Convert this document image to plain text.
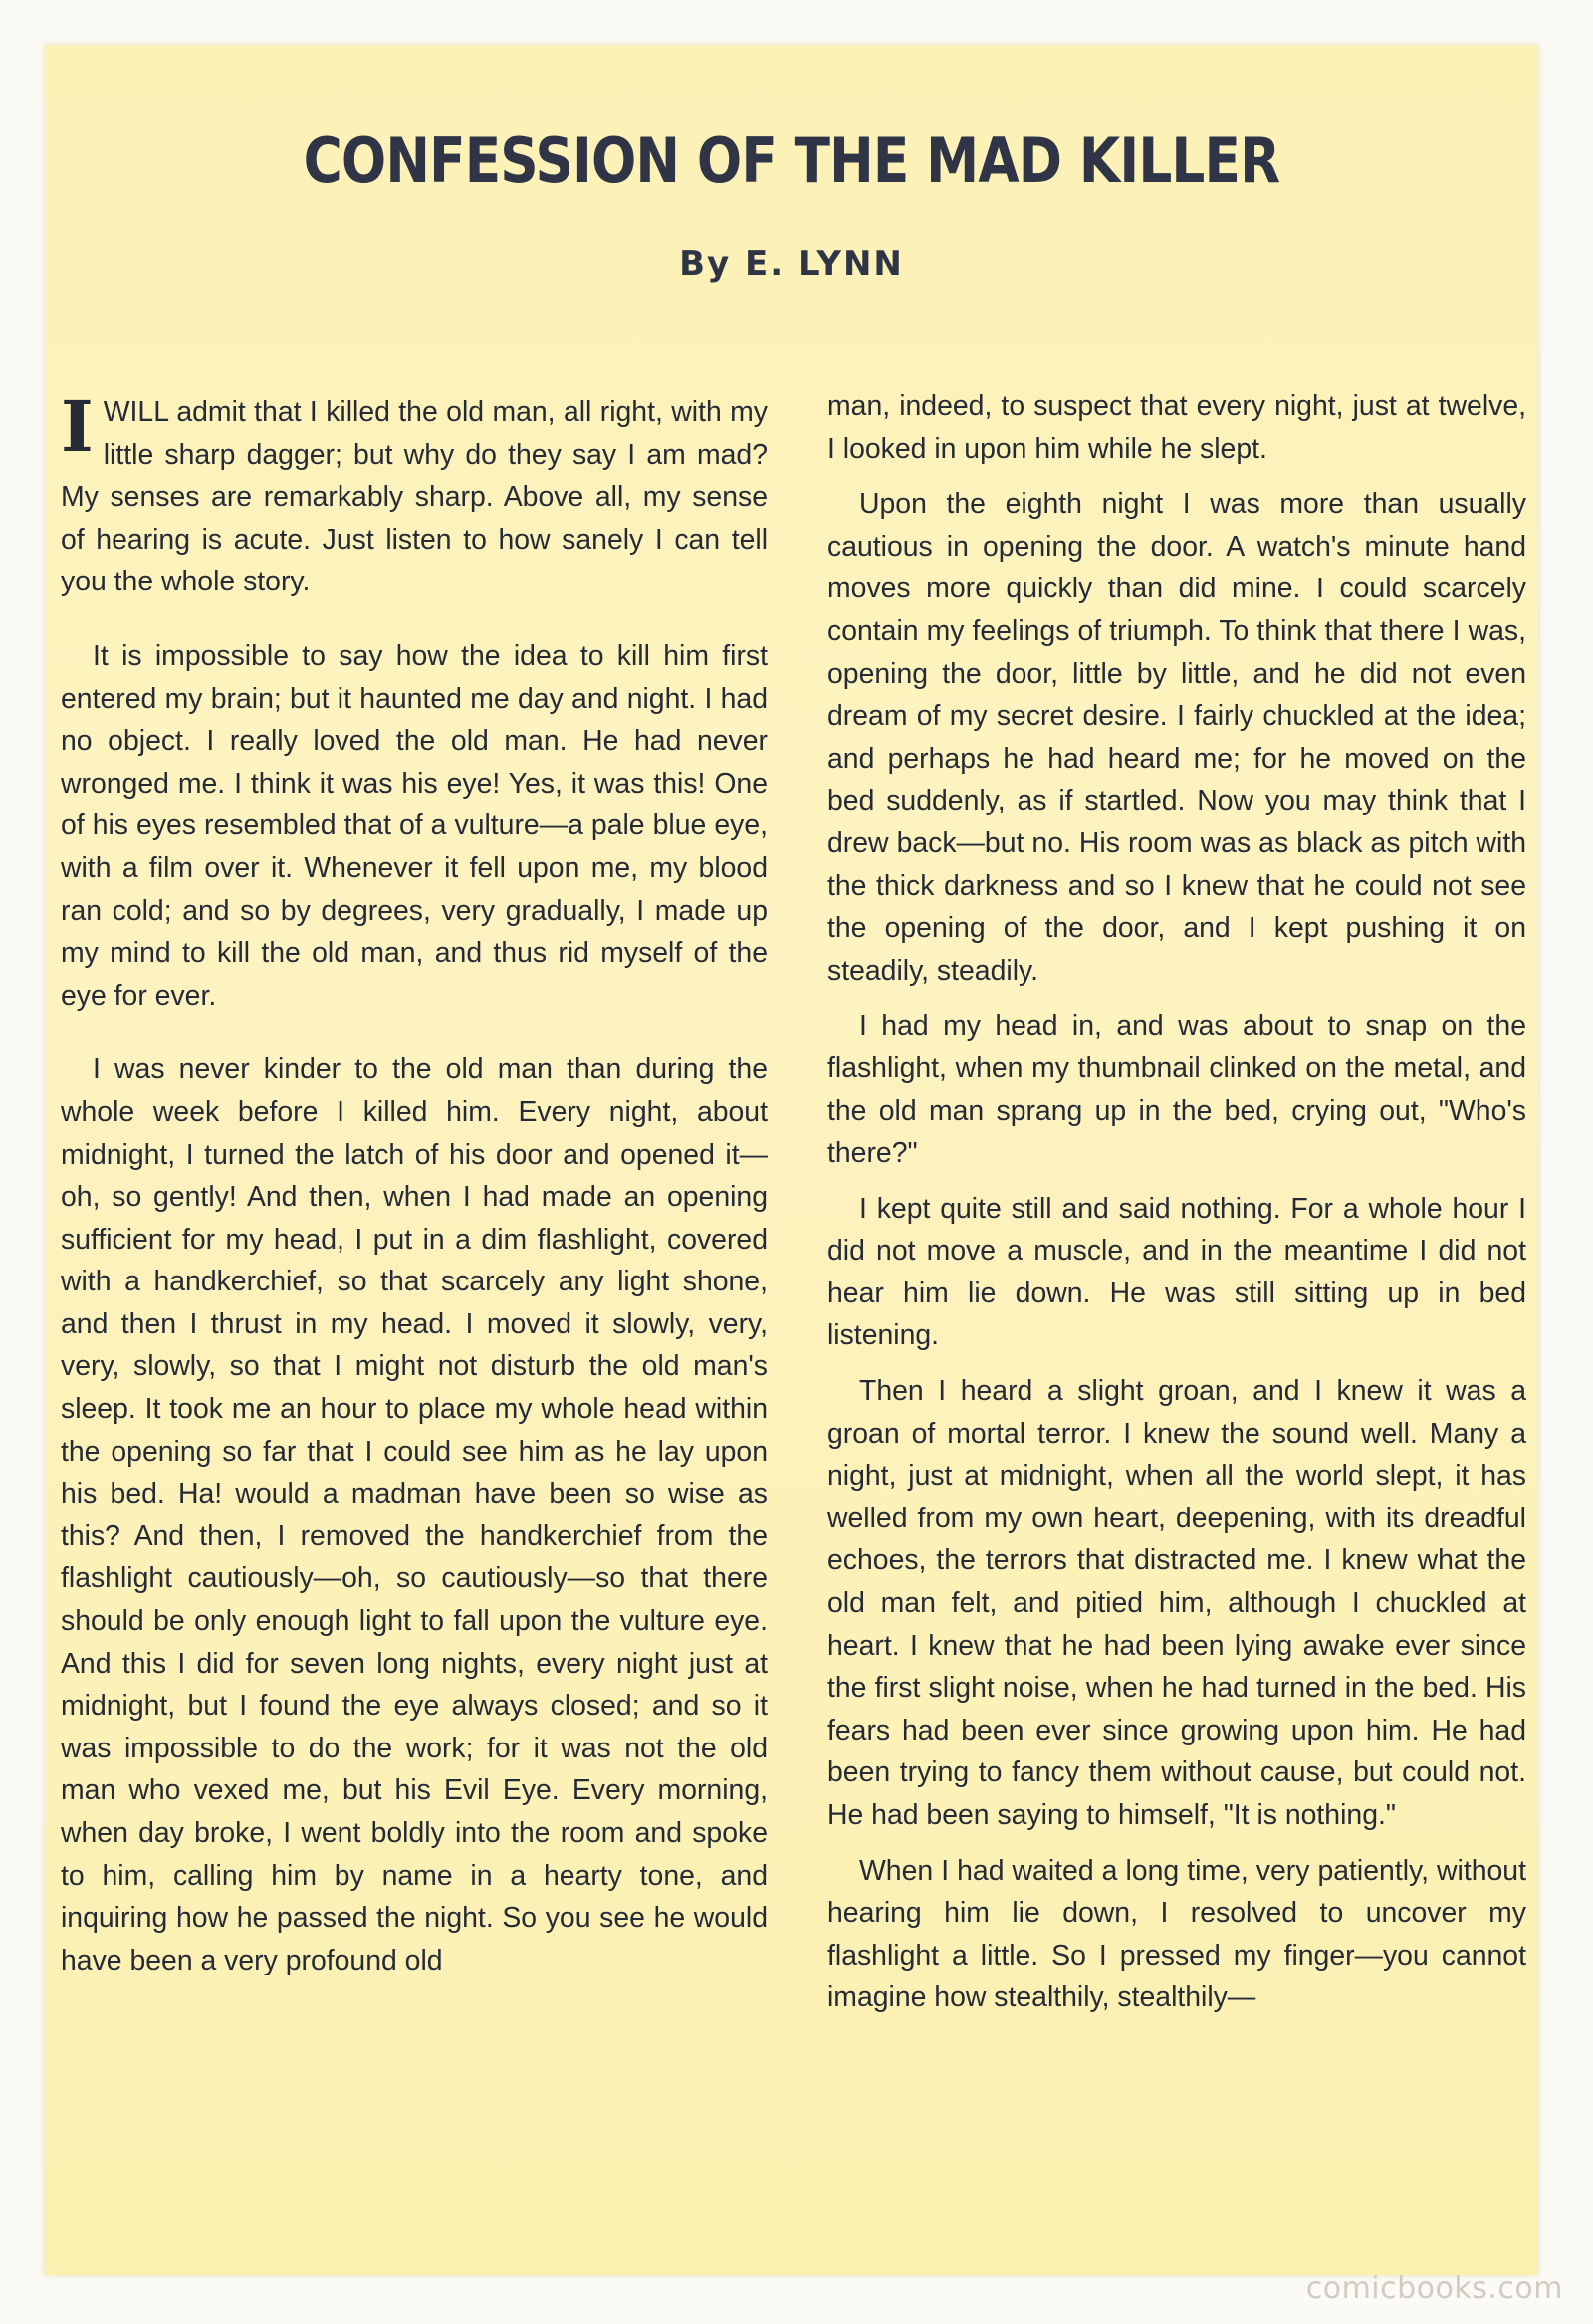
CONFESSION OF THE MAD KILLER
By E. LYNN

I WILL admit that I killed the old man, all right, with my little sharp dagger; but why do they say I am mad? My senses are remarkably sharp. Above all, my sense of hearing is acute. Just listen to how sanely I can tell you the whole story.

It is impossible to say how the idea to kill him first entered my brain; but it haunted me day and night. I had no object. I really loved the old man. He had never wronged me. I think it was his eye! Yes, it was this! One of his eyes resembled that of a vulture—a pale blue eye, with a film over it. Whenever it fell upon me, my blood ran cold; and so by degrees, very gradually, I made up my mind to kill the old man, and thus rid myself of the eye for ever.

I was never kinder to the old man than during the whole week before I killed him. Every night, about midnight, I turned the latch of his door and opened it—oh, so gently! And then, when I had made an opening sufficient for my head, I put in a dim flashlight, covered with a handkerchief, so that scarcely any light shone, and then I thrust in my head. I moved it slowly, very, very, slowly, so that I might not disturb the old man's sleep. It took me an hour to place my whole head within the opening so far that I could see him as he lay upon his bed. Ha! would a madman have been so wise as this? And then, I removed the handkerchief from the flashlight cautiously—oh, so cautiously—so that there should be only enough light to fall upon the vulture eye. And this I did for seven long nights, every night just at midnight, but I found the eye always closed; and so it was impossible to do the work; for it was not the old man who vexed me, but his Evil Eye. Every morning, when day broke, I went boldly into the room and spoke to him, calling him by name in a hearty tone, and inquiring how he passed the night. So you see he would have been a very profound old

man, indeed, to suspect that every night, just at twelve, I looked in upon him while he slept.

Upon the eighth night I was more than usually cautious in opening the door. A watch's minute hand moves more quickly than did mine. I could scarcely contain my feelings of triumph. To think that there I was, opening the door, little by little, and he did not even dream of my secret desire. I fairly chuckled at the idea; and perhaps he had heard me; for he moved on the bed suddenly, as if startled. Now you may think that I drew back—but no. His room was as black as pitch with the thick darkness and so I knew that he could not see the opening of the door, and I kept pushing it on steadily, steadily.

I had my head in, and was about to snap on the flashlight, when my thumbnail clinked on the metal, and the old man sprang up in the bed, crying out, "Who's there?"

I kept quite still and said nothing. For a whole hour I did not move a muscle, and in the meantime I did not hear him lie down. He was still sitting up in bed listening.

Then I heard a slight groan, and I knew it was a groan of mortal terror. I knew the sound well. Many a night, just at midnight, when all the world slept, it has welled from my own heart, deepening, with its dreadful echoes, the terrors that distracted me. I knew what the old man felt, and pitied him, although I chuckled at heart. I knew that he had been lying awake ever since the first slight noise, when he had turned in the bed. His fears had been ever since growing upon him. He had been trying to fancy them without cause, but could not. He had been saying to himself, "It is nothing."

When I had waited a long time, very patiently, without hearing him lie down, I resolved to uncover my flashlight a little. So I pressed my finger—you cannot imagine how stealthily, stealthily—

comicbooks.com
